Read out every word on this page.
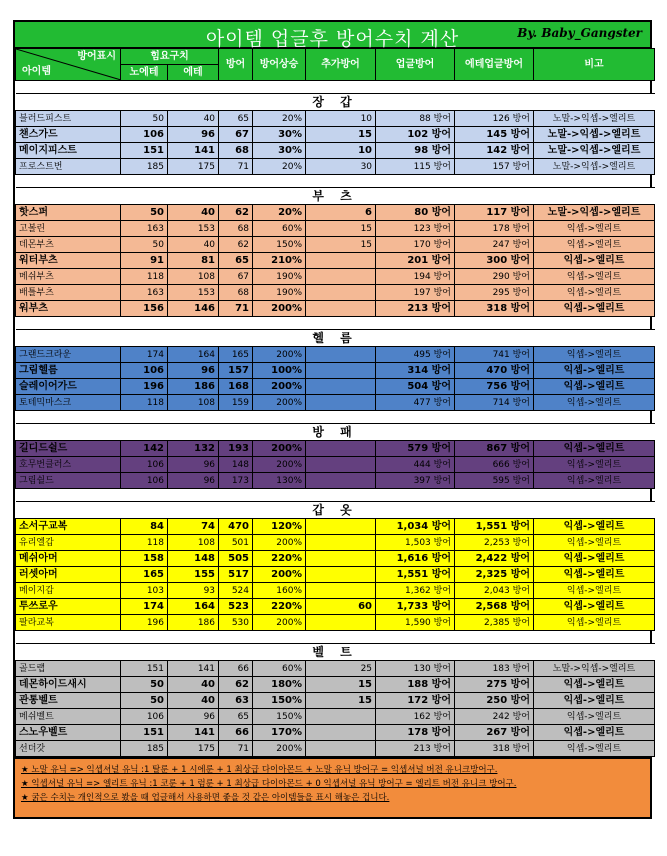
아이템 업글후 방어수치 계산	By. Baby_Gangster
방어표시
아이템	힘요구치		방어	방어상승	추가방어	업글방어	에테업글방어	비고
	노에테	에테						

장 갑								
블러드피스트	50	40	65	20%	10	88 방어	126 방어	노말->익셉->엘리트
챈스가드	106	96	67	30%	15	102 방어	145 방어	노말->익셉->엘리트
메이지피스트	151	141	68	30%	10	98 방어	142 방어	노말->익셉->엘리트
프로스트번	185	175	71	20%	30	115 방어	157 방어	노말->익셉->엘리트

부 츠								
핫스퍼	50	40	62	20%	6	80 방어	117 방어	노말->익셉->엘리트
고볼린	163	153	68	60%	15	123 방어	178 방어	익셉->엘리트
데몬부츠	50	40	62	150%	15	170 방어	247 방어	익셉->엘리트
워터부츠	91	81	65	210%		201 방어	300 방어	익셉->엘리트
메쉬부츠	118	108	67	190%		194 방어	290 방어	익셉->엘리트
배틀부츠	163	153	68	190%		197 방어	295 방어	익셉->엘리트
워부츠	156	146	71	200%		213 방어	318 방어	익셉->엘리트

헬 름								
그랜드크라운	174	164	165	200%		495 방어	741 방어	익셉->엘리트
그림헬름	106	96	157	100%		314 방어	470 방어	익셉->엘리트
슬레이어가드	196	186	168	200%		504 방어	756 방어	익셉->엘리트
토테믹마스크	118	108	159	200%		477 방어	714 방어	익셉->엘리트

방 패								
길디드쉴드	142	132	193	200%		579 방어	867 방어	익셉->엘리트
호무번클러스	106	96	148	200%		444 방어	666 방어	익셉->엘리트
그림쉴드	106	96	173	130%		397 방어	595 방어	익셉->엘리트

갑 옷								
소서구교복	84	74	470	120%		1,034 방어	1,551 방어	익셉->엘리트
유리엘갑	118	108	501	200%		1,503 방어	2,253 방어	익셉->엘리트
메쉬아머	158	148	505	220%		1,616 방어	2,422 방어	익셉->엘리트
러셋아머	165	155	517	200%		1,551 방어	2,325 방어	익셉->엘리트
메이지갑	103	93	524	160%		1,362 방어	2,043 방어	익셉->엘리트
투쓰로우	174	164	523	220%	60	1,733 방어	2,568 방어	익셉->엘리트
팔라교복	196	186	530	200%		1,590 방어	2,385 방어	익셉->엘리트

벨 트								
골드랩	151	141	66	60%	25	130 방어	183 방어	노말->익셉->엘리트
데몬하이드새시	50	40	62	180%	15	188 방어	275 방어	익셉->엘리트
관통벨트	50	40	63	150%	15	172 방어	250 방어	익셉->엘리트
메쉬벨트	106	96	65	150%		162 방어	242 방어	익셉->엘리트
스노우벨트	151	141	66	170%		178 방어	267 방어	익셉->엘리트
선더갓	185	175	71	200%		213 방어	318 방어	익셉->엘리트
★ 노말 유닉 => 익셉셔널 유닉 :1 탈룬 + 1 시에룬 + 1 최상급 다이아몬드 + 노말 유닉 방어구 = 익셉셔널 버전 유니크방어구.
★ 익셉셔널 유닉 => 엘리트 유닉 :1 코룬 + 1 럼룬 + 1 최상급 다이아몬드 + 0 익셉셔널 유닉 방어구 = 엘리트 버전 유니크 방어구.
★ 굵은 수치는 개인적으로 봤을 때 업글해서 사용하면 좋을 것 같은 아이템들을 표시 해놓은 겁니다.
